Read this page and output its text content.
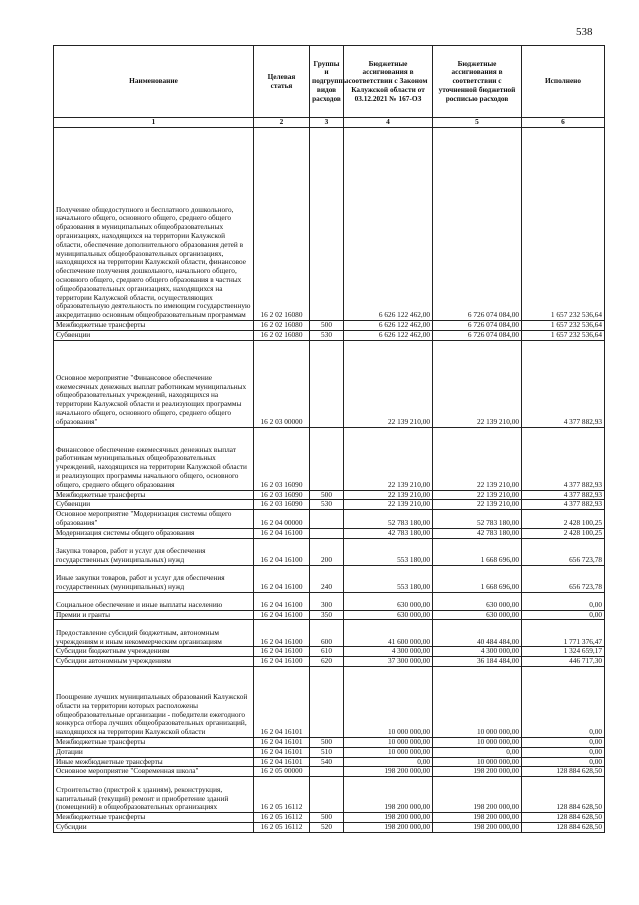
538
Наименование	Целевая статья	Группы и подгруппы видов расходов	Бюджетные ассигнования в соответствии с Законом Калужской области от 03.12.2021 № 167-ОЗ	Бюджетные ассигнования в соответствии с уточненной бюджетной росписью расходов	Исполнено
1	2	3	4	5	6
Получение общедоступного и бесплатного дошкольного, начального общего, основного общего, среднего общего образования в муниципальных общеобразовательных организациях, находящихся на территории Калужской области, обеспечение дополнительного образования детей в муниципальных общеобразовательных организациях, находящихся на территории Калужской области, финансовое обеспечение получения дошкольного, начального общего, основного общего, среднего общего образования в частных общеобразовательных организациях, находящихся на территории Калужской области, осуществляющих образовательную деятельность по имеющим государственную аккредитацию основным общеобразовательным программам	16 2 02 16080		6 626 122 462,00	6 726 074 084,00	1 657 232 536,64
Межбюджетные трансферты	16 2 02 16080	500	6 626 122 462,00	6 726 074 084,00	1 657 232 536,64
Субвенции	16 2 02 16080	530	6 626 122 462,00	6 726 074 084,00	1 657 232 536,64
Основное мероприятие "Финансовое обеспечение ежемесячных денежных выплат работникам муниципальных общеобразовательных учреждений, находящихся на территории Калужской области и реализующих программы начального общего, основного общего, среднего общего образования"	16 2 03 00000		22 139 210,00	22 139 210,00	4 377 882,93
Финансовое обеспечение ежемесячных денежных выплат работникам муниципальных общеобразовательных учреждений, находящихся на территории Калужской области и реализующих программы начального общего, основного общего, среднего общего образования	16 2 03 16090		22 139 210,00	22 139 210,00	4 377 882,93
Межбюджетные трансферты	16 2 03 16090	500	22 139 210,00	22 139 210,00	4 377 882,93
Субвенции	16 2 03 16090	530	22 139 210,00	22 139 210,00	4 377 882,93
Основное мероприятие "Модернизация системы общего образования"	16 2 04 00000		52 783 180,00	52 783 180,00	2 428 100,25
Модернизация системы общего образования	16 2 04 16100		42 783 180,00	42 783 180,00	2 428 100,25
Закупка товаров, работ и услуг для обеспечения государственных (муниципальных) нужд	16 2 04 16100	200	553 180,00	1 668 696,00	656 723,78
Иные закупки товаров, работ и услуг для обеспечения государственных (муниципальных) нужд	16 2 04 16100	240	553 180,00	1 668 696,00	656 723,78
Социальное обеспечение и иные выплаты населению	16 2 04 16100	300	630 000,00	630 000,00	0,00
Премии и гранты	16 2 04 16100	350	630 000,00	630 000,00	0,00
Предоставление субсидий бюджетным, автономным учреждениям и иным некоммерческим организациям	16 2 04 16100	600	41 600 000,00	40 484 484,00	1 771 376,47
Субсидии бюджетным учреждениям	16 2 04 16100	610	4 300 000,00	4 300 000,00	1 324 659,17
Субсидии автономным учреждениям	16 2 04 16100	620	37 300 000,00	36 184 484,00	446 717,30
Поощрение лучших муниципальных образований Калужской области на территории которых расположены общеобразовательные организации - победители ежегодного конкурса отбора лучших общеобразовательных организаций, находящихся на территории Калужской области	16 2 04 16101		10 000 000,00	10 000 000,00	0,00
Межбюджетные трансферты	16 2 04 16101	500	10 000 000,00	10 000 000,00	0,00
Дотации	16 2 04 16101	510	10 000 000,00	0,00	0,00
Иные межбюджетные трансферты	16 2 04 16101	540	0,00	10 000 000,00	0,00
Основное мероприятие "Современная школа"	16 2 05 00000		198 200 000,00	198 200 000,00	128 884 628,50
Строительство (пристрой к зданиям), реконструкция, капитальный (текущий) ремонт и приобретение зданий (помещений) в общеобразовательных организациях	16 2 05 16112		198 200 000,00	198 200 000,00	128 884 628,50
Межбюджетные трансферты	16 2 05 16112	500	198 200 000,00	198 200 000,00	128 884 628,50
Субсидии	16 2 05 16112	520	198 200 000,00	198 200 000,00	128 884 628,50
